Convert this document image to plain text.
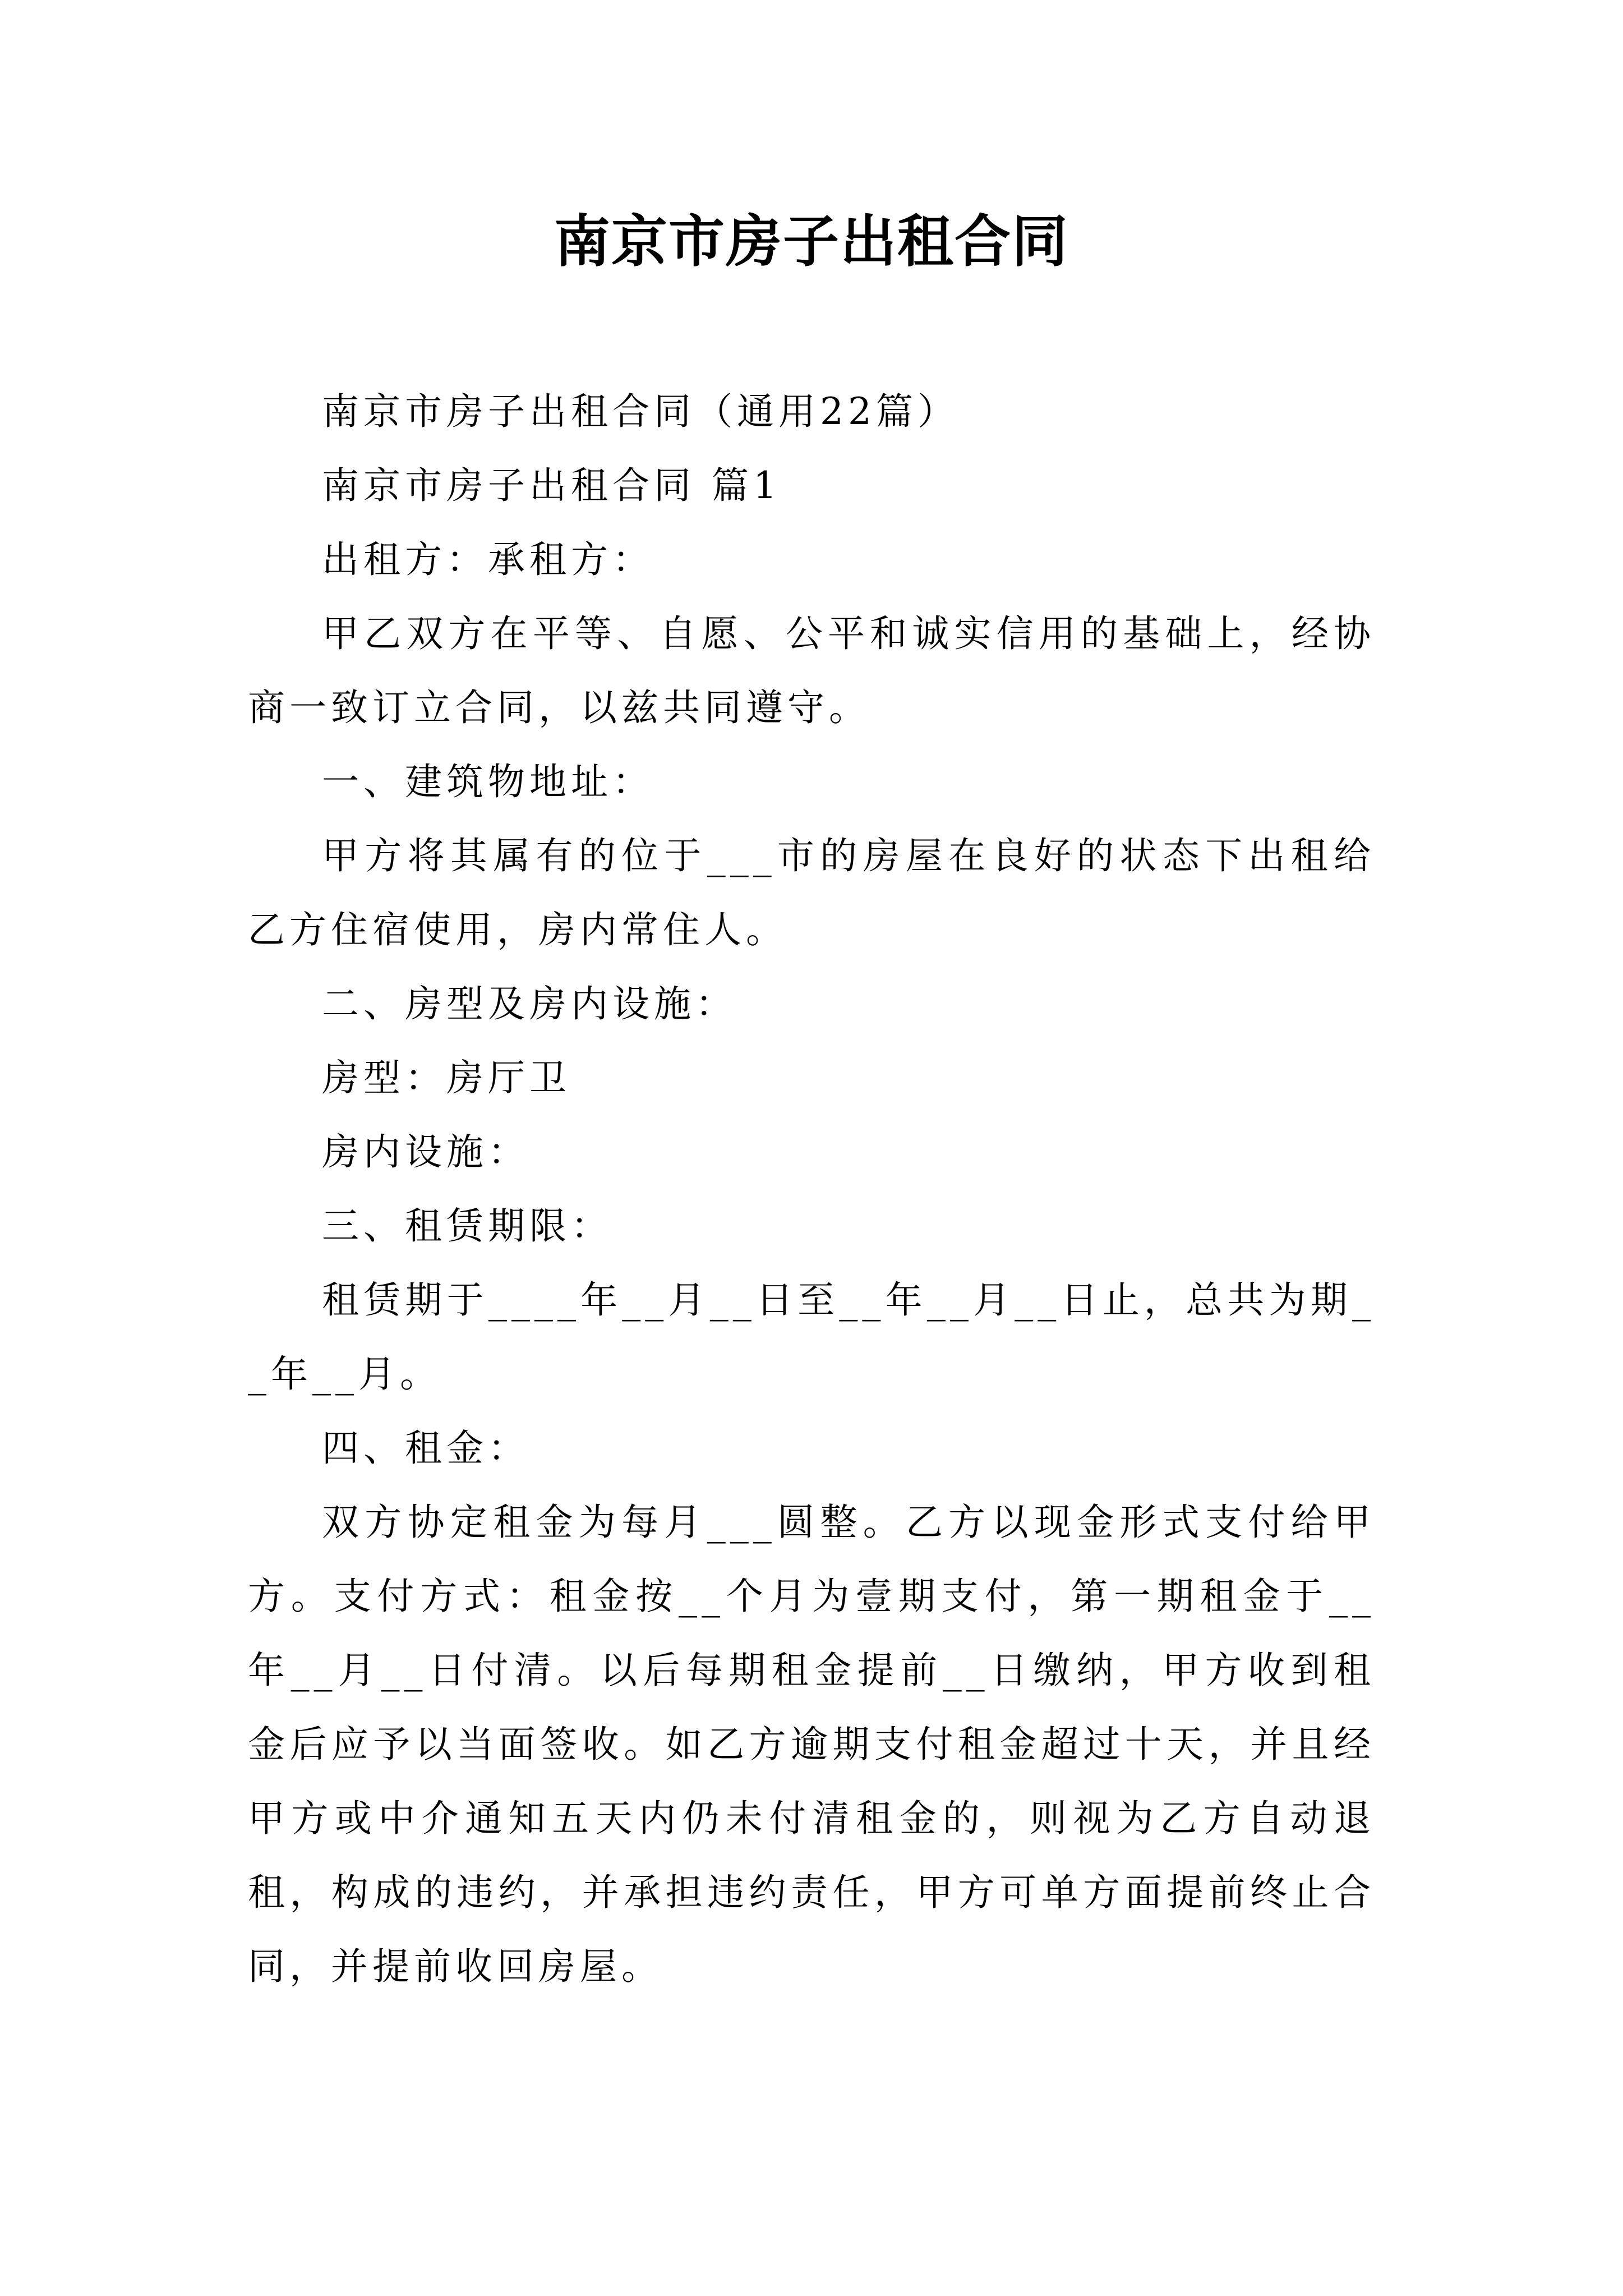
南京市房子出租合同

南京市房子出租合同（通用22篇）

南京市房子出租合同 篇1

出租方：承租方：

甲乙双方在平等、自愿、公平和诚实信用的基础上，经协商一致订立合同，以兹共同遵守。

一、建筑物地址：

甲方将其属有的位于___市的房屋在良好的状态下出租给乙方住宿使用，房内常住人。

二、房型及房内设施：

房型：房厅卫

房内设施：

三、租赁期限：

租赁期于____年__月__日至__年__月__日止，总共为期__年__月。

四、租金：

双方协定租金为每月___圆整。乙方以现金形式支付给甲方。支付方式：租金按__个月为壹期支付，第一期租金于__年__月__日付清。以后每期租金提前__日缴纳，甲方收到租金后应予以当面签收。如乙方逾期支付租金超过十天，并且经甲方或中介通知五天内仍未付清租金的，则视为乙方自动退租，构成的违约，并承担违约责任，甲方可单方面提前终止合同，并提前收回房屋。
